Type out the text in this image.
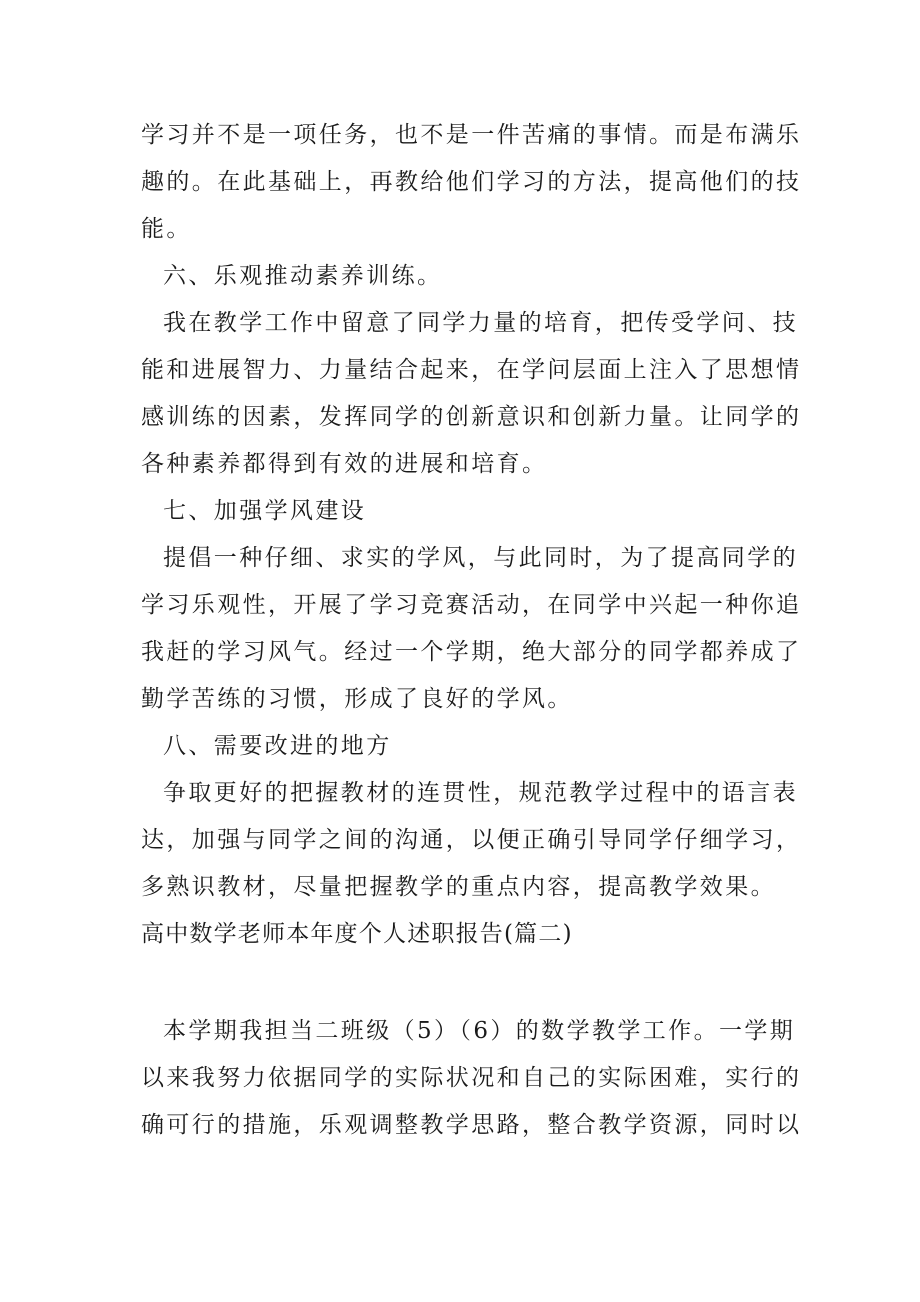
学习并不是一项任务，也不是一件苦痛的事情。而是布满乐
趣的。在此基础上，再教给他们学习的方法，提高他们的技
能。
六、乐观推动素养训练。
我在教学工作中留意了同学力量的培育，把传受学问、技
能和进展智力、力量结合起来，在学问层面上注入了思想情
感训练的因素，发挥同学的创新意识和创新力量。让同学的
各种素养都得到有效的进展和培育。
七、加强学风建设
提倡一种仔细、求实的学风，与此同时，为了提高同学的
学习乐观性，开展了学习竞赛活动，在同学中兴起一种你追
我赶的学习风气。经过一个学期，绝大部分的同学都养成了
勤学苦练的习惯，形成了良好的学风。
八、需要改进的地方
争取更好的把握教材的连贯性，规范教学过程中的语言表
达，加强与同学之间的沟通，以便正确引导同学仔细学习，
多熟识教材，尽量把握教学的重点内容，提高教学效果。
高中数学老师本年度个人述职报告(篇二)
本学期我担当二班级（5）（6）的数学教学工作。一学期
以来我努力依据同学的实际状况和自己的实际困难，实行的
确可行的措施，乐观调整教学思路，整合教学资源，同时以
